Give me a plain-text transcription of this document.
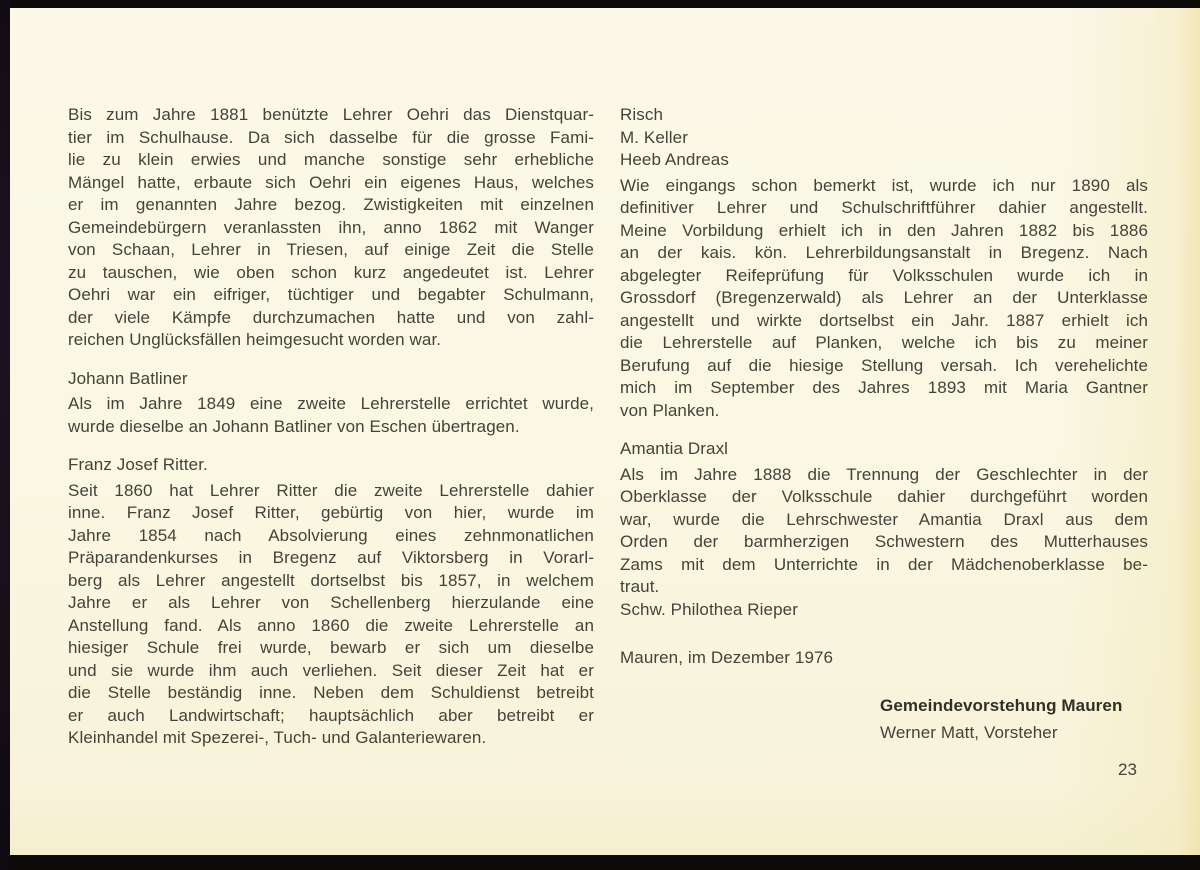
Bis zum Jahre 1881 benützte Lehrer Oehri das Dienstquar-
tier im Schulhause. Da sich dasselbe für die grosse Fami-
lie zu klein erwies und manche sonstige sehr erhebliche
Mängel hatte, erbaute sich Oehri ein eigenes Haus, welches
er im genannten Jahre bezog. Zwistigkeiten mit einzelnen
Gemeindebürgern veranlassten ihn, anno 1862 mit Wanger
von Schaan, Lehrer in Triesen, auf einige Zeit die Stelle
zu tauschen, wie oben schon kurz angedeutet ist. Lehrer
Oehri war ein eifriger, tüchtiger und begabter Schulmann,
der viele Kämpfe durchzumachen hatte und von zahl-
reichen Unglücksfällen heimgesucht worden war.
Johann Batliner
Als im Jahre 1849 eine zweite Lehrerstelle errichtet wurde,
wurde dieselbe an Johann Batliner von Eschen übertragen.
Franz Josef Ritter.
Seit 1860 hat Lehrer Ritter die zweite Lehrerstelle dahier
inne. Franz Josef Ritter, gebürtig von hier, wurde im
Jahre 1854 nach Absolvierung eines zehnmonatlichen
Präparandenkurses in Bregenz auf Viktorsberg in Vorarl-
berg als Lehrer angestellt dortselbst bis 1857, in welchem
Jahre er als Lehrer von Schellenberg hierzulande eine
Anstellung fand. Als anno 1860 die zweite Lehrerstelle an
hiesiger Schule frei wurde, bewarb er sich um dieselbe
und sie wurde ihm auch verliehen. Seit dieser Zeit hat er
die Stelle beständig inne. Neben dem Schuldienst betreibt
er auch Landwirtschaft; hauptsächlich aber betreibt er
Kleinhandel mit Spezerei-, Tuch- und Galanteriewaren.
Risch
M. Keller
Heeb Andreas
Wie eingangs schon bemerkt ist, wurde ich nur 1890 als
definitiver Lehrer und Schulschriftführer dahier angestellt.
Meine Vorbildung erhielt ich in den Jahren 1882 bis 1886
an der kais. kön. Lehrerbildungsanstalt in Bregenz. Nach
abgelegter Reifeprüfung für Volksschulen wurde ich in
Grossdorf (Bregenzerwald) als Lehrer an der Unterklasse
angestellt und wirkte dortselbst ein Jahr. 1887 erhielt ich
die Lehrerstelle auf Planken, welche ich bis zu meiner
Berufung auf die hiesige Stellung versah. Ich verehelichte
mich im September des Jahres 1893 mit Maria Gantner
von Planken.
Amantia Draxl
Als im Jahre 1888 die Trennung der Geschlechter in der
Oberklasse der Volksschule dahier durchgeführt worden
war, wurde die Lehrschwester Amantia Draxl aus dem
Orden der barmherzigen Schwestern des Mutterhauses
Zams mit dem Unterrichte in der Mädchenoberklasse be-
traut.
Schw. Philothea Rieper
Mauren, im Dezember 1976
Gemeindevorstehung Mauren
Werner Matt, Vorsteher
23
